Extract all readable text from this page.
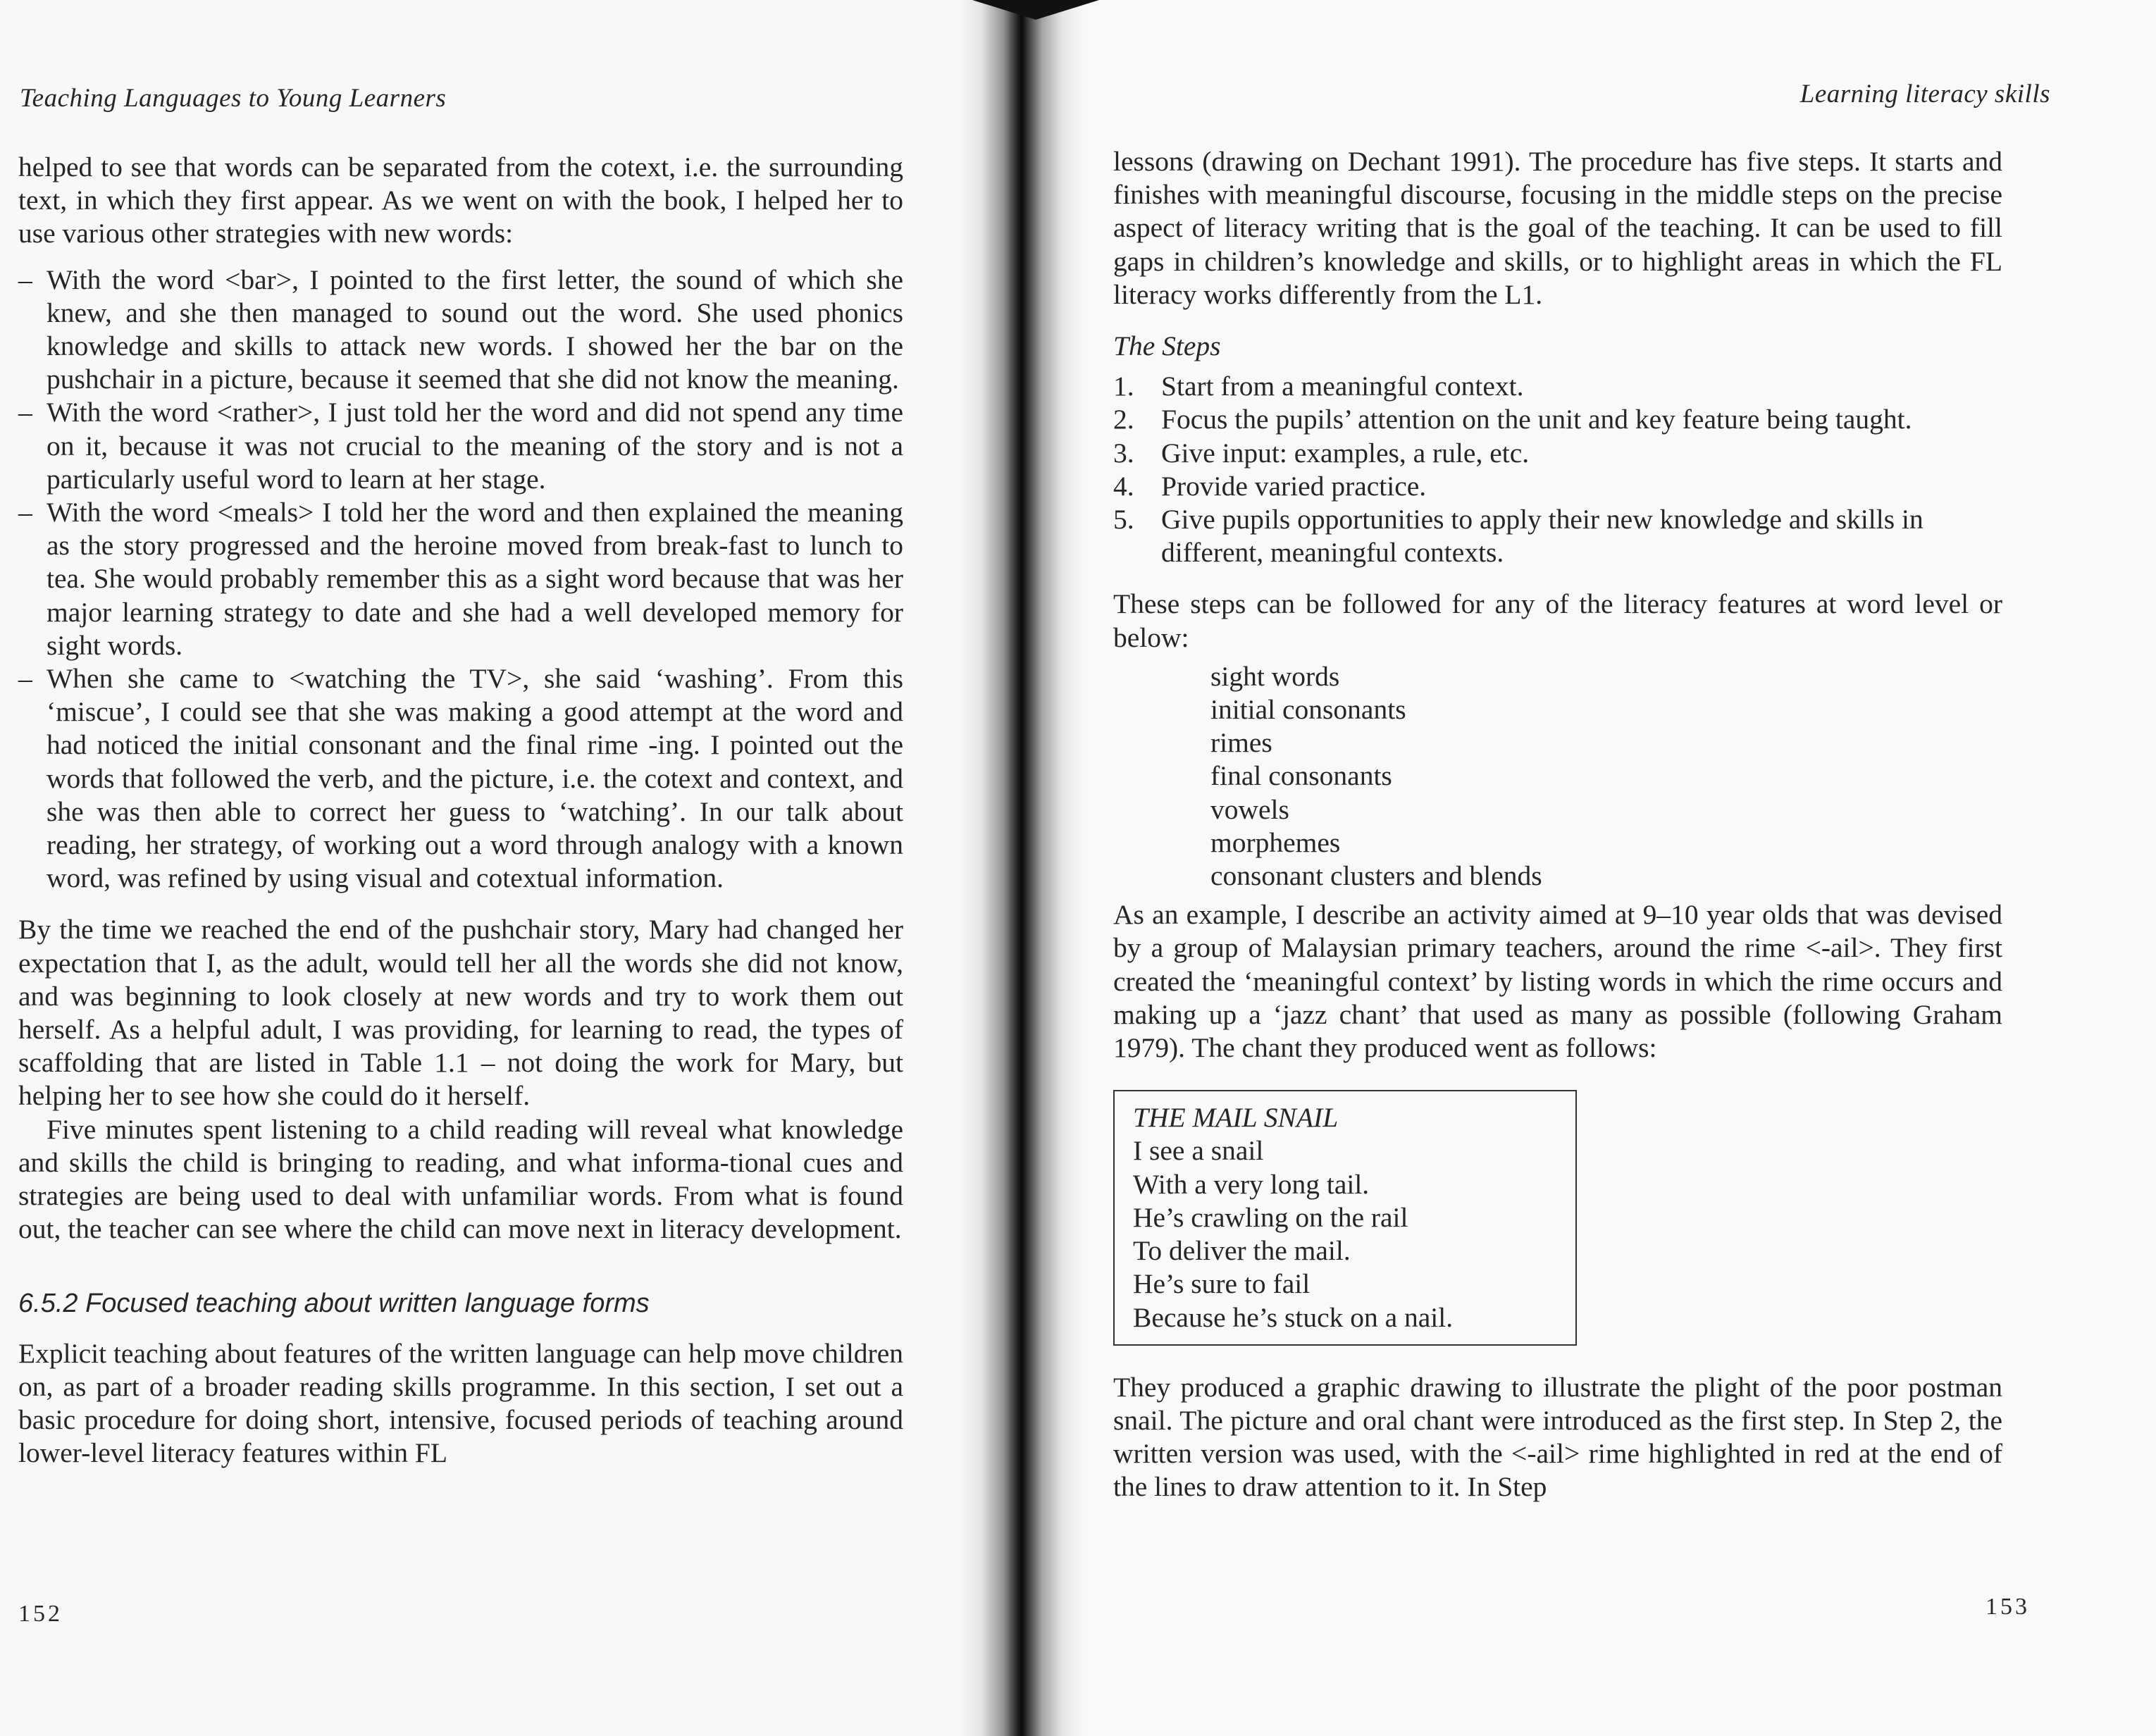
Teaching Languages to Young Learners

helped to see that words can be separated from the cotext, i.e. the surrounding text, in which they first appear. As we went on with the book, I helped her to use various other strategies with new words:

– With the word <bar>, I pointed to the first letter, the sound of which she knew, and she then managed to sound out the word. She used phonics knowledge and skills to attack new words. I showed her the bar on the pushchair in a picture, because it seemed that she did not know the meaning.
– With the word <rather>, I just told her the word and did not spend any time on it, because it was not crucial to the meaning of the story and is not a particularly useful word to learn at her stage.
– With the word <meals> I told her the word and then explained the meaning as the story progressed and the heroine moved from break-fast to lunch to tea. She would probably remember this as a sight word because that was her major learning strategy to date and she had a well developed memory for sight words.
– When she came to <watching the TV>, she said ‘washing’. From this ‘miscue’, I could see that she was making a good attempt at the word and had noticed the initial consonant and the final rime -ing. I pointed out the words that followed the verb, and the picture, i.e. the cotext and context, and she was then able to correct her guess to ‘watching’. In our talk about reading, her strategy, of working out a word through analogy with a known word, was refined by using visual and cotextual information.

By the time we reached the end of the pushchair story, Mary had changed her expectation that I, as the adult, would tell her all the words she did not know, and was beginning to look closely at new words and try to work them out herself. As a helpful adult, I was providing, for learning to read, the types of scaffolding that are listed in Table 1.1 – not doing the work for Mary, but helping her to see how she could do it herself.

Five minutes spent listening to a child reading will reveal what knowledge and skills the child is bringing to reading, and what informa-tional cues and strategies are being used to deal with unfamiliar words. From what is found out, the teacher can see where the child can move next in literacy development.

6.5.2 Focused teaching about written language forms

Explicit teaching about features of the written language can help move children on, as part of a broader reading skills programme. In this section, I set out a basic procedure for doing short, intensive, focused periods of teaching around lower-level literacy features within FL

152
Learning literacy skills

lessons (drawing on Dechant 1991). The procedure has five steps. It starts and finishes with meaningful discourse, focusing in the middle steps on the precise aspect of literacy writing that is the goal of the teaching. It can be used to fill gaps in children’s knowledge and skills, or to highlight areas in which the FL literacy works differently from the L1.

The Steps
1. Start from a meaningful context.
2. Focus the pupils’ attention on the unit and key feature being taught.
3. Give input: examples, a rule, etc.
4. Provide varied practice.
5. Give pupils opportunities to apply their new knowledge and skills in different, meaningful contexts.

These steps can be followed for any of the literacy features at word level or below:

sight words
initial consonants
rimes
final consonants
vowels
morphemes
consonant clusters and blends

As an example, I describe an activity aimed at 9–10 year olds that was devised by a group of Malaysian primary teachers, around the rime <-ail>. They first created the ‘meaningful context’ by listing words in which the rime occurs and making up a ‘jazz chant’ that used as many as possible (following Graham 1979). The chant they produced went as follows:

THE MAIL SNAIL
I see a snail
With a very long tail.
He’s crawling on the rail
To deliver the mail.
He’s sure to fail
Because he’s stuck on a nail.

They produced a graphic drawing to illustrate the plight of the poor postman snail. The picture and oral chant were introduced as the first step. In Step 2, the written version was used, with the <-ail> rime highlighted in red at the end of the lines to draw attention to it. In Step

153
